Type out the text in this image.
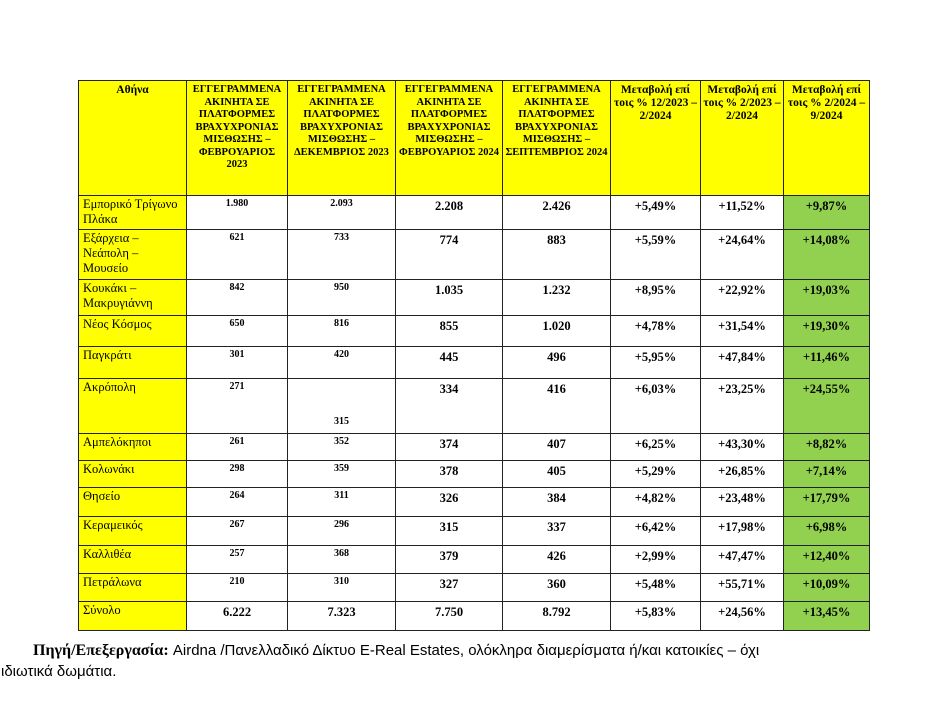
Αθήνα	ΕΓΓΕΓΡΑΜΜΕΝΑ ΑΚΙΝΗΤΑ ΣΕ ΠΛΑΤΦΟΡΜΕΣ ΒΡΑΧΥΧΡΟΝΙΑΣ ΜΙΣΘΩΣΗΣ – ΦΕΒΡΟΥΑΡΙΟΣ 2023	ΕΓΓΕΓΡΑΜΜΕΝΑ ΑΚΙΝΗΤΑ ΣΕ ΠΛΑΤΦΟΡΜΕΣ ΒΡΑΧΥΧΡΟΝΙΑΣ ΜΙΣΘΩΣΗΣ – ΔΕΚΕΜΒΡΙΟΣ 2023	ΕΓΓΕΓΡΑΜΜΕΝΑ ΑΚΙΝΗΤΑ ΣΕ ΠΛΑΤΦΟΡΜΕΣ ΒΡΑΧΥΧΡΟΝΙΑΣ ΜΙΣΘΩΣΗΣ – ΦΕΒΡΟΥΑΡΙΟΣ 2024	ΕΓΓΕΓΡΑΜΜΕΝΑ ΑΚΙΝΗΤΑ ΣΕ ΠΛΑΤΦΟΡΜΕΣ ΒΡΑΧΥΧΡΟΝΙΑΣ ΜΙΣΘΩΣΗΣ – ΣΕΠΤΕΜΒΡΙΟΣ 2024	Μεταβολή επί τοις % 12/2023 – 2/2024	Μεταβολή επί τοις % 2/2023 – 2/2024	Μεταβολή επί τοις % 2/2024 – 9/2024
Εμπορικό Τρίγωνο Πλάκα	1.980	2.093	2.208	2.426	+5,49%	+11,52%	+9,87%
Εξάρχεια – Νεάπολη – Μουσείο	621	733	774	883	+5,59%	+24,64%	+14,08%
Κουκάκι – Μακρυγιάννη	842	950	1.035	1.232	+8,95%	+22,92%	+19,03%
Νέος Κόσμος	650	816	855	1.020	+4,78%	+31,54%	+19,30%
Παγκράτι	301	420	445	496	+5,95%	+47,84%	+11,46%
Ακρόπολη	271	315	334	416	+6,03%	+23,25%	+24,55%
Αμπελόκηποι	261	352	374	407	+6,25%	+43,30%	+8,82%
Κολωνάκι	298	359	378	405	+5,29%	+26,85%	+7,14%
Θησείο	264	311	326	384	+4,82%	+23,48%	+17,79%
Κεραμεικός	267	296	315	337	+6,42%	+17,98%	+6,98%
Καλλιθέα	257	368	379	426	+2,99%	+47,47%	+12,40%
Πετράλωνα	210	310	327	360	+5,48%	+55,71%	+10,09%
Σύνολο	6.222	7.323	7.750	8.792	+5,83%	+24,56%	+13,45%
Πηγή/Επεξεργασία: Airdna /Πανελλαδικό Δίκτυο E-Real Estates, ολόκληρα διαμερίσματα ή/και κατοικίες – όχι
ιδιωτικά δωμάτια.
